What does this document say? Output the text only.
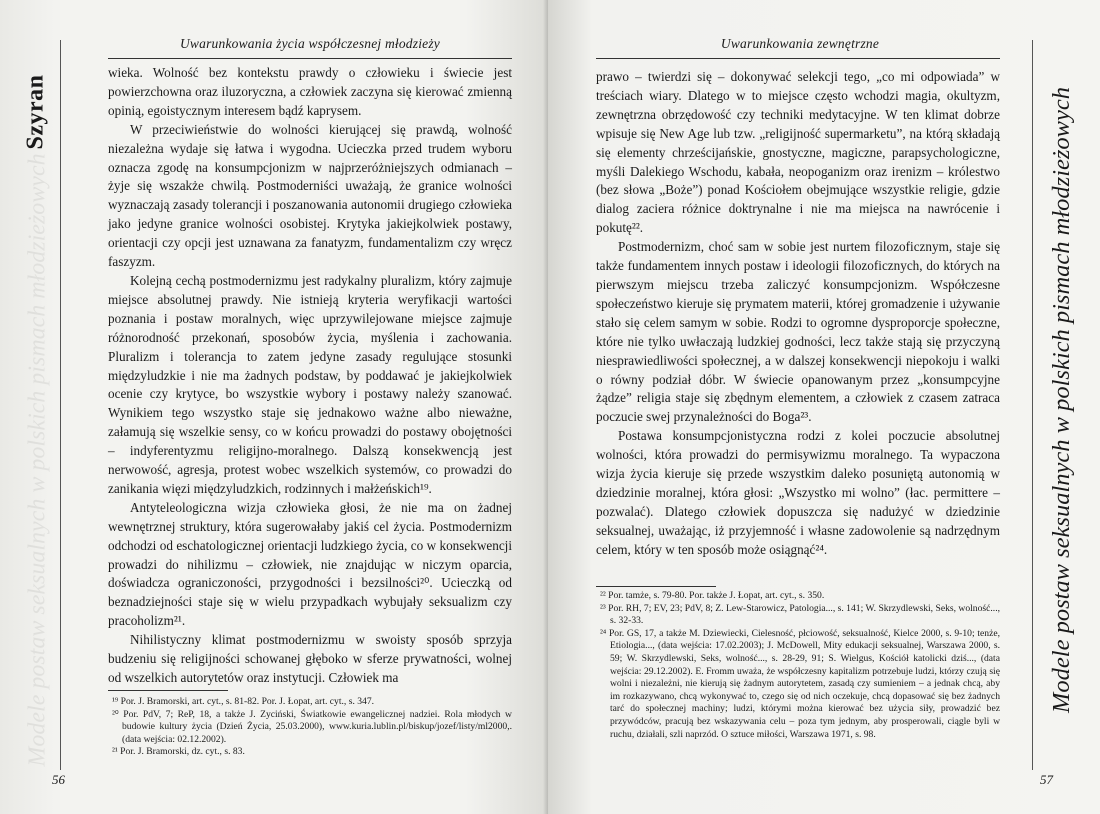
Szyran
Modele postaw seksualnych w polskich pismach młodzieżowych
Uwarunkowania życia współczesnej młodzieży

wieka. Wolność bez kontekstu prawdy o człowieku i świecie jest powierzchowna oraz iluzoryczna, a człowiek zaczyna się kierować zmienną opinią, egoistycznym interesem bądź kaprysem.

W przeciwieństwie do wolności kierującej się prawdą, wolność niezależna wydaje się łatwa i wygodna. Ucieczka przed trudem wyboru oznacza zgodę na konsumpcjonizm w najprzeróżniejszych odmianach – żyje się wszakże chwilą. Postmoderniści uważają, że granice wolności wyznaczają zasady tolerancji i poszanowania autonomii drugiego człowieka jako jedyne granice wolności osobistej. Krytyka jakiejkolwiek postawy, orientacji czy opcji jest uznawana za fanatyzm, fundamentalizm czy wręcz faszyzm.

Kolejną cechą postmodernizmu jest radykalny pluralizm, który zajmuje miejsce absolutnej prawdy. Nie istnieją kryteria weryfikacji wartości poznania i postaw moralnych, więc uprzywilejowane miejsce zajmuje różnorodność przekonań, sposobów życia, myślenia i zachowania. Pluralizm i tolerancja to zatem jedyne zasady regulujące stosunki międzyludzkie i nie ma żadnych podstaw, by poddawać je jakiejkolwiek ocenie czy krytyce, bo wszystkie wybory i postawy należy szanować. Wynikiem tego wszystko staje się jednakowo ważne albo nieważne, załamują się wszelkie sensy, co w końcu prowadzi do postawy obojętności – indyferentyzmu religijno-moralnego. Dalszą konsekwencją jest nerwowość, agresja, protest wobec wszelkich systemów, co prowadzi do zanikania więzi międzyludzkich, rodzinnych i małżeńskich¹⁹.

Antyteleologiczna wizja człowieka głosi, że nie ma on żadnej wewnętrznej struktury, która sugerowałaby jakiś cel życia. Postmodernizm odchodzi od eschatologicznej orientacji ludzkiego życia, co w konsekwencji prowadzi do nihilizmu – człowiek, nie znajdując w niczym oparcia, doświadcza ograniczoności, przygodności i bezsilności²⁰. Ucieczką od beznadziejności staje się w wielu przypadkach wybujały seksualizm czy pracoholizm²¹.

Nihilistyczny klimat postmodernizmu w swoisty sposób sprzyja budzeniu się religijności schowanej głęboko w sferze prywatności, wolnej od wszelkich autorytetów oraz instytucji. Człowiek ma

¹⁹ Por. J. Bramorski, art. cyt., s. 81-82. Por. J. Łopat, art. cyt., s. 347.

²⁰ Por. PdV, 7; ReP, 18, a także J. Zyciński, Światkowie ewangelicznej nadziei. Rola młodych w budowie kultury życia (Dzień Życia, 25.03.2000), www.kuria.lublin.pl/biskup/jozef/listy/ml2000,. (data wejścia: 02.12.2002).

²¹ Por. J. Bramorski, dz. cyt., s. 83.

56
Uwarunkowania zewnętrzne

prawo – twierdzi się – dokonywać selekcji tego, „co mi odpowiada” w treściach wiary. Dlatego w to miejsce często wchodzi magia, okultyzm, zewnętrzna obrzędowość czy techniki medytacyjne. W ten klimat dobrze wpisuje się New Age lub tzw. „religijność supermarketu”, na którą składają się elementy chrześcijańskie, gnostyczne, magiczne, parapsychologiczne, myśli Dalekiego Wschodu, kabała, neopoganizm oraz irenizm – królestwo (bez słowa „Boże”) ponad Kościołem obejmujące wszystkie religie, gdzie dialog zaciera różnice doktrynalne i nie ma miejsca na nawrócenie i pokutę²².

Postmodernizm, choć sam w sobie jest nurtem filozoficznym, staje się także fundamentem innych postaw i ideologii filozoficznych, do których na pierwszym miejscu trzeba zaliczyć konsumpcjonizm. Współczesne społeczeństwo kieruje się prymatem materii, której gromadzenie i używanie stało się celem samym w sobie. Rodzi to ogromne dysproporcje społeczne, które nie tylko uwłaczają ludzkiej godności, lecz także stają się przyczyną niesprawiedliwości społecznej, a w dalszej konsekwencji niepokoju i walki o równy podział dóbr. W świecie opanowanym przez „konsumpcyjne żądze” religia staje się zbędnym elementem, a człowiek z czasem zatraca poczucie swej przynależności do Boga²³.

Postawa konsumpcjonistyczna rodzi z kolei poczucie absolutnej wolności, która prowadzi do permisywizmu moralnego. Ta wypaczona wizja życia kieruje się przede wszystkim daleko posuniętą autonomią w dziedzinie moralnej, która głosi: „Wszystko mi wolno” (łac. permittere – pozwalać). Dlatego człowiek dopuszcza się nadużyć w dziedzinie seksualnej, uważając, iż przyjemność i własne zadowolenie są nadrzędnym celem, który w ten sposób może osiągnąć²⁴.

²² Por. tamże, s. 79-80. Por. także J. Łopat, art. cyt., s. 350.

²³ Por. RH, 7; EV, 23; PdV, 8; Z. Lew-Starowicz, Patologia..., s. 141; W. Skrzydlewski, Seks, wolność..., s. 32-33.

²⁴ Por. GS, 17, a także M. Dziewiecki, Cielesność, płciowość, seksualność, Kielce 2000, s. 9-10; tenże, Etiologia..., (data wejścia: 17.02.2003); J. McDowell, Mity edukacji seksualnej, Warszawa 2000, s. 59; W. Skrzydlewski, Seks, wolność..., s. 28-29, 91; S. Wielgus, Kościół katolicki dziś..., (data wejścia: 29.12.2002). E. Fromm uważa, że współczesny kapitalizm potrzebuje ludzi, którzy czują się wolni i niezależni, nie kierują się żadnym autorytetem, zasadą czy sumieniem – a jednak chcą, aby im rozkazywano, chcą wykonywać to, czego się od nich oczekuje, chcą dopasować się bez żadnych tarć do społecznej machiny; ludzi, którymi można kierować bez użycia siły, prowadzić bez przywódców, pracują bez wskazywania celu – poza tym jednym, aby prosperowali, ciągle byli w ruchu, działali, szli naprzód. O sztuce miłości, Warszawa 1971, s. 98.

57
Modele postaw seksualnych w polskich pismach młodzieżowych
